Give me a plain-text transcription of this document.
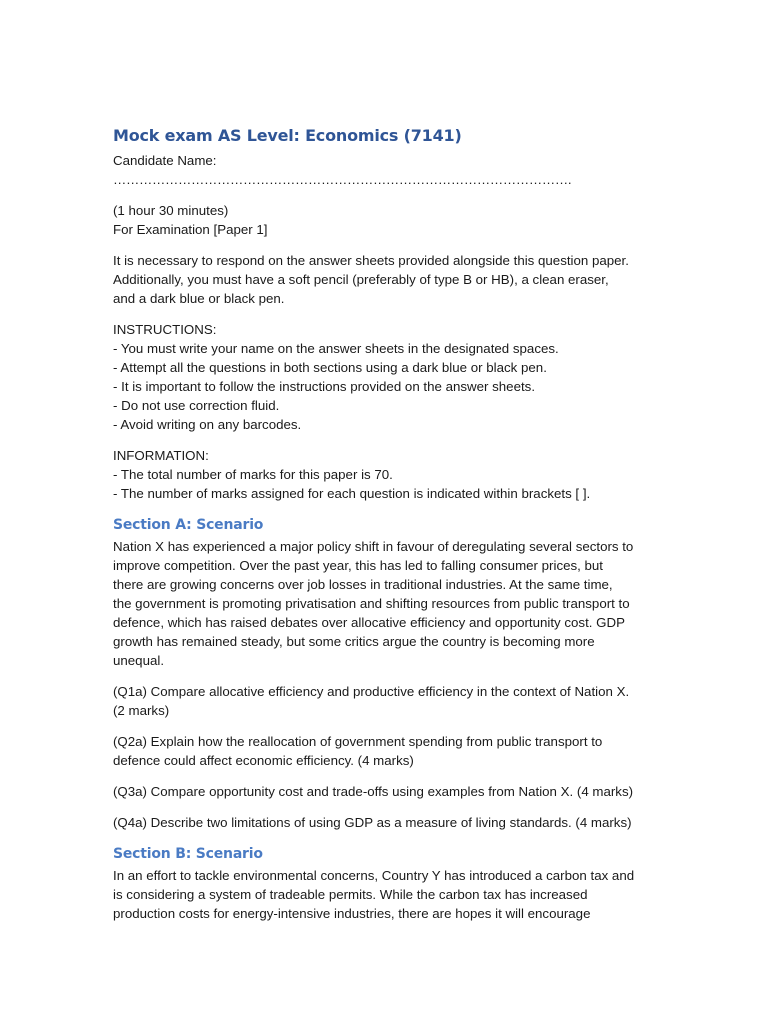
Mock exam AS Level: Economics (7141)

Candidate Name:

…………………………………………………………………………………………….

(1 hour 30 minutes)

For Examination [Paper 1]

It is necessary to respond on the answer sheets provided alongside this question paper.
Additionally, you must have a soft pencil (preferably of type B or HB), a clean eraser,
and a dark blue or black pen.

INSTRUCTIONS:

- You must write your name on the answer sheets in the designated spaces.

- Attempt all the questions in both sections using a dark blue or black pen.

- It is important to follow the instructions provided on the answer sheets.

- Do not use correction fluid.

- Avoid writing on any barcodes.

INFORMATION:

- The total number of marks for this paper is 70.

- The number of marks assigned for each question is indicated within brackets [ ].

Section A: Scenario

Nation X has experienced a major policy shift in favour of deregulating several sectors to
improve competition. Over the past year, this has led to falling consumer prices, but
there are growing concerns over job losses in traditional industries. At the same time,
the government is promoting privatisation and shifting resources from public transport to
defence, which has raised debates over allocative efficiency and opportunity cost. GDP
growth has remained steady, but some critics argue the country is becoming more
unequal.

(Q1a) Compare allocative efficiency and productive efficiency in the context of Nation X.
(2 marks)

(Q2a) Explain how the reallocation of government spending from public transport to
defence could affect economic efficiency. (4 marks)

(Q3a) Compare opportunity cost and trade-offs using examples from Nation X. (4 marks)

(Q4a) Describe two limitations of using GDP as a measure of living standards. (4 marks)

Section B: Scenario

In an effort to tackle environmental concerns, Country Y has introduced a carbon tax and
is considering a system of tradeable permits. While the carbon tax has increased
production costs for energy-intensive industries, there are hopes it will encourage
